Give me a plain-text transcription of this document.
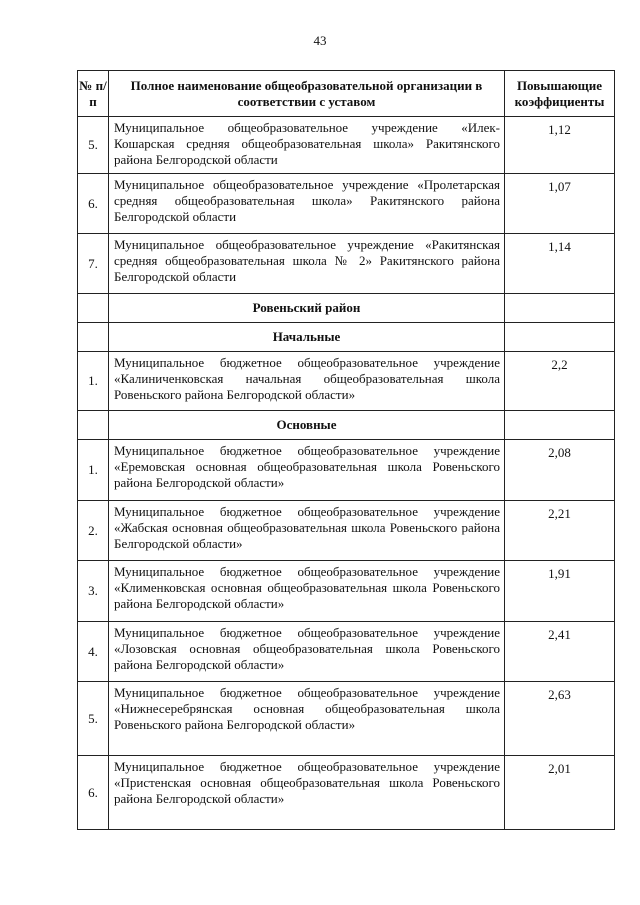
43
№ п/п	Полное наименование общеобразовательной организации в соответствии с уставом	Повышающие коэффициенты
5.	Муниципальное общеобразовательное учреждение «Илек-Кошарская средняя общеобразовательная школа» Ракитянского района Белгородской области	1,12
6.	Муниципальное общеобразовательное учреждение «Пролетарская средняя общеобразовательная школа» Ракитянского района Белгородской области	1,07
7.	Муниципальное общеобразовательное учреждение «Ракитянская средняя общеобразовательная школа № 2» Ракитянского района Белгородской области	1,14
	Ровеньский район	
	Начальные	
1.	Муниципальное бюджетное общеобразовательное учреждение «Калиниченковская начальная общеобразовательная школа Ровеньского района Белгородской области»	2,2
	Основные	
1.	Муниципальное бюджетное общеобразовательное учреждение «Еремовская основная общеобразовательная школа Ровеньского района Белгородской области»	2,08
2.	Муниципальное бюджетное общеобразовательное учреждение «Жабская основная общеобразовательная школа Ровеньского района Белгородской области»	2,21
3.	Муниципальное бюджетное общеобразовательное учреждение «Клименковская основная общеобразовательная школа Ровеньского района Белгородской области»	1,91
4.	Муниципальное бюджетное общеобразовательное учреждение «Лозовская основная общеобразовательная школа Ровеньского района Белгородской области»	2,41
5.	Муниципальное бюджетное общеобразовательное учреждение «Нижнесеребрянская основная общеобразовательная школа Ровеньского района Белгородской области»	2,63
6.	Муниципальное бюджетное общеобразовательное учреждение «Пристенская основная общеобразовательная школа Ровеньского района Белгородской области»	2,01
